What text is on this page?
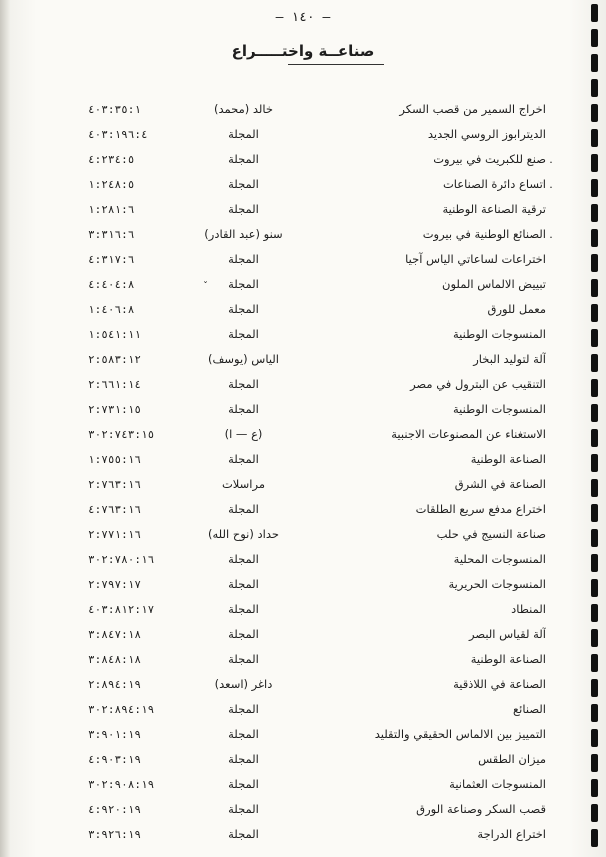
— ١٤٠ —
صناعــة واختـــــراع
اخراج السمير من قصب السكر
خالد (محمد)
٤٠٣:٣٥:١
الديترابوز الروسي الجديد
المجلة
٤٠٣:١٩٦:٤
.
صنع للكبريت في بيروت
المجلة
٤:٢٣٤:٥
.
اتساع دائرة الصناعات
المجلة
١:٢٤٨:٥
ترقية الصناعة الوطنية
المجلة
١:٢٨١:٦
.
الصنائع الوطنية في بيروت
سنو (عبد القادر)
٣:٣١٦:٦
اختراعات لساعاتي الياس آجيا
المجلة
٤:٣١٧:٦
تبييض الالماس الملون
المجلة
٤:٤٠٤:٨
معمل للورق
المجلة
١:٤٠٦:٨
المنسوجات الوطنية
المجلة
١:٥٤١:١١
آلة لتوليد البخار
الياس (يوسف)
٢:٥٨٣:١٢
التنقيب عن البترول في مصر
المجلة
٢:٦٦١:١٤
المنسوجات الوطنية
المجلة
٢:٧٣١:١٥
الاستغناء عن المصنوعات الاجنبية
(ع — ا)
٣٠٢:٧٤٣:١٥
الصناعة الوطنية
المجلة
١:٧٥٥:١٦
الصناعة في الشرق
مراسلات
٢:٧٦٣:١٦
اختراع مدفع سريع الطلقات
المجلة
٤:٧٦٣:١٦
صناعة النسيج في حلب
حداد (نوح الله)
٢:٧٧١:١٦
المنسوجات المحلية
المجلة
٣٠٢:٧٨٠:١٦
المنسوجات الحريرية
المجلة
٢:٧٩٧:١٧
المنطاد
المجلة
٤٠٣:٨١٢:١٧
آلة لقياس البصر
المجلة
٣:٨٤٧:١٨
الصناعة الوطنية
المجلة
٣:٨٤٨:١٨
الصناعة في اللاذقية
داغر (اسعد)
٢:٨٩٤:١٩
الصنائع
المجلة
٣٠٢:٨٩٤:١٩
التمييز بين الالماس الحقيقي والتقليد
المجلة
٣:٩٠١:١٩
ميزان الطقس
المجلة
٤:٩٠٣:١٩
المنسوجات العثمانية
المجلة
٣٠٢:٩٠٨:١٩
قصب السكر وصناعة الورق
المجلة
٤:٩٢٠:١٩
اختراع الدراجة
المجلة
٣:٩٢٦:١٩
ˇ
